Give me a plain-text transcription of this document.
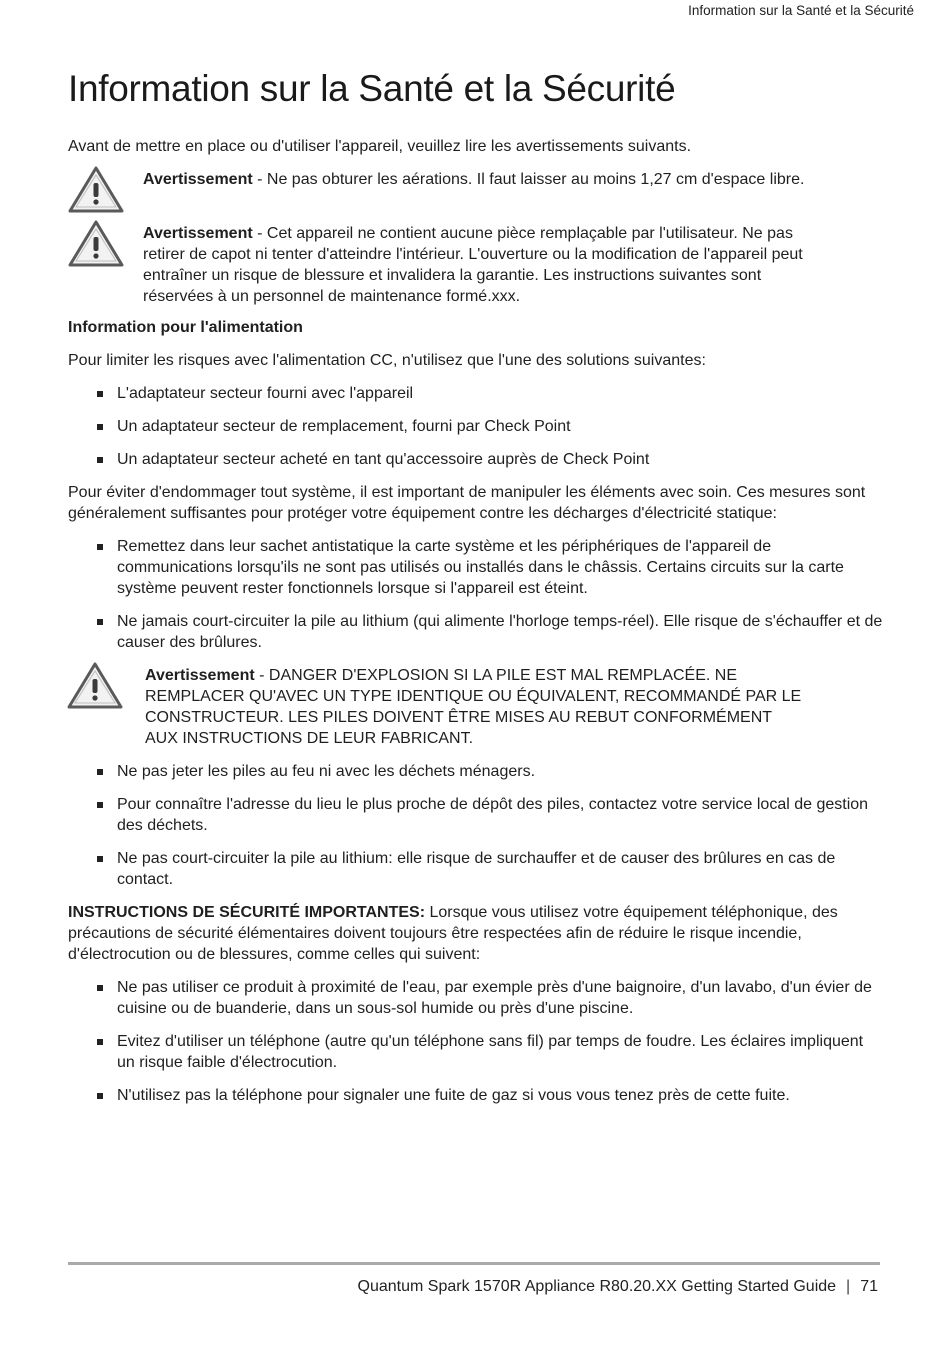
Information sur la Santé et la Sécurité
Information sur la Santé et la Sécurité

Avant de mettre en place ou d'utiliser l'appareil, veuillez lire les avertissements suivants.

Avertissement - Ne pas obturer les aérations. Il faut laisser au moins 1,27 cm d'espace libre.

Avertissement - Cet appareil ne contient aucune pièce remplaçable par l'utilisateur. Ne pas retirer de capot ni tenter d'atteindre l'intérieur. L'ouverture ou la modification de l'appareil peut entraîner un risque de blessure et invalidera la garantie. Les instructions suivantes sont réservées à un personnel de maintenance formé.xxx.

Information pour l'alimentation

Pour limiter les risques avec l'alimentation CC, n'utilisez que l'une des solutions suivantes:

L'adaptateur secteur fourni avec l'appareil
Un adaptateur secteur de remplacement, fourni par Check Point
Un adaptateur secteur acheté en tant qu'accessoire auprès de Check Point

Pour éviter d'endommager tout système, il est important de manipuler les éléments avec soin. Ces mesures sont généralement suffisantes pour protéger votre équipement contre les décharges d'électricité statique:

Remettez dans leur sachet antistatique la carte système et les périphériques de l'appareil de communications lorsqu'ils ne sont pas utilisés ou installés dans le châssis. Certains circuits sur la carte système peuvent rester fonctionnels lorsque si l'appareil est éteint.
Ne jamais court-circuiter la pile au lithium (qui alimente l'horloge temps-réel). Elle risque de s'échauffer et de causer des brûlures.

Avertissement - DANGER D'EXPLOSION SI LA PILE EST MAL REMPLACÉE. NE REMPLACER QU'AVEC UN TYPE IDENTIQUE OU ÉQUIVALENT, RECOMMANDÉ PAR LE CONSTRUCTEUR. LES PILES DOIVENT ÊTRE MISES AU REBUT CONFORMÉMENT AUX INSTRUCTIONS DE LEUR FABRICANT.

Ne pas jeter les piles au feu ni avec les déchets ménagers.
Pour connaître l'adresse du lieu le plus proche de dépôt des piles, contactez votre service local de gestion des déchets.
Ne pas court-circuiter la pile au lithium: elle risque de surchauffer et de causer des brûlures en cas de contact.

INSTRUCTIONS DE SÉCURITÉ IMPORTANTES: Lorsque vous utilisez votre équipement téléphonique, des précautions de sécurité élémentaires doivent toujours être respectées afin de réduire le risque incendie, d'électrocution ou de blessures, comme celles qui suivent:

Ne pas utiliser ce produit à proximité de l'eau, par exemple près d'une baignoire, d'un lavabo, d'un évier de cuisine ou de buanderie, dans un sous-sol humide ou près d'une piscine.
Evitez d'utiliser un téléphone (autre qu'un téléphone sans fil) par temps de foudre. Les éclaires impliquent un risque faible d'électrocution.
N'utilisez pas la téléphone pour signaler une fuite de gaz si vous vous tenez près de cette fuite.
Quantum Spark 1570R Appliance R80.20.XX Getting Started Guide | 71
